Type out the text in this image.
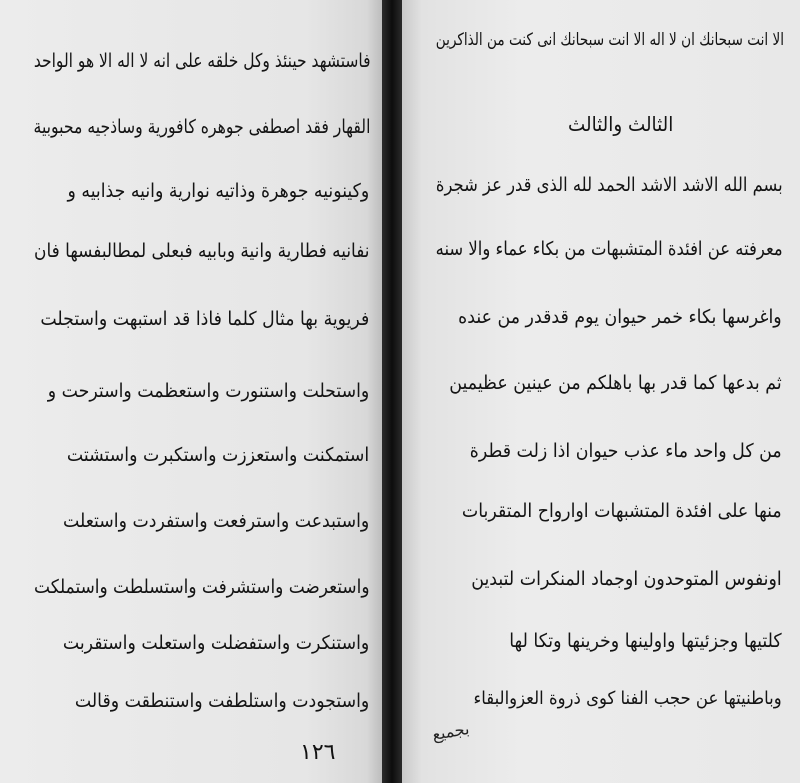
فاستشهد حينئذ وكل خلقه على انه لا اله الا هو الواحد
القهار فقد اصطفى جوهره كافورية وساذجيه محبوبية
وكينونيه جوهرة وذاتيه نوارية وانيه جذابيه و
نفانيه فطارية وانية وبابيه فبعلى لمطالبفسها فان
فريوية بها مثال كلما فاذا قد استبهت واستجلت
واستحلت واستنورت واستعظمت واسترحت و
استمكنت واستعززت واستكبرت واستشتت
واستبدعت واسترفعت واستفردت واستعلت
واستعرضت واستشرفت واستسلطت واستملكت
واستنكرت واستفضلت واستعلت واستقربت
واستجودت واستلطفت واستنطقت وقالت
١٢٦
الا انت سبحانك ان لا اله الا انت سبحانك انى كنت من الذاكرين
الثالث والثالث
بسم الله الاشد الاشد الحمد لله الذى قدر عز شجرة
معرفته عن افئدة المتشبهات من بكاء عماء والا سنه
واغرسها بكاء خمر حيوان يوم قدقدر من عنده
ثم بدعها كما قدر بها باهلكم من عينين عظيمين
من كل واحد ماء عذب حيوان اذا زلت قطرة
منها على افئدة المتشبهات اوارواح المتقربات
اونفوس المتوحدون اوجماد المنكرات لتبدين
كلتيها وجزئيتها واولينها وخرينها وتكا لها
وباطنيتها عن حجب الفنا كوى ذروة العزوالبقاء
بجميع
